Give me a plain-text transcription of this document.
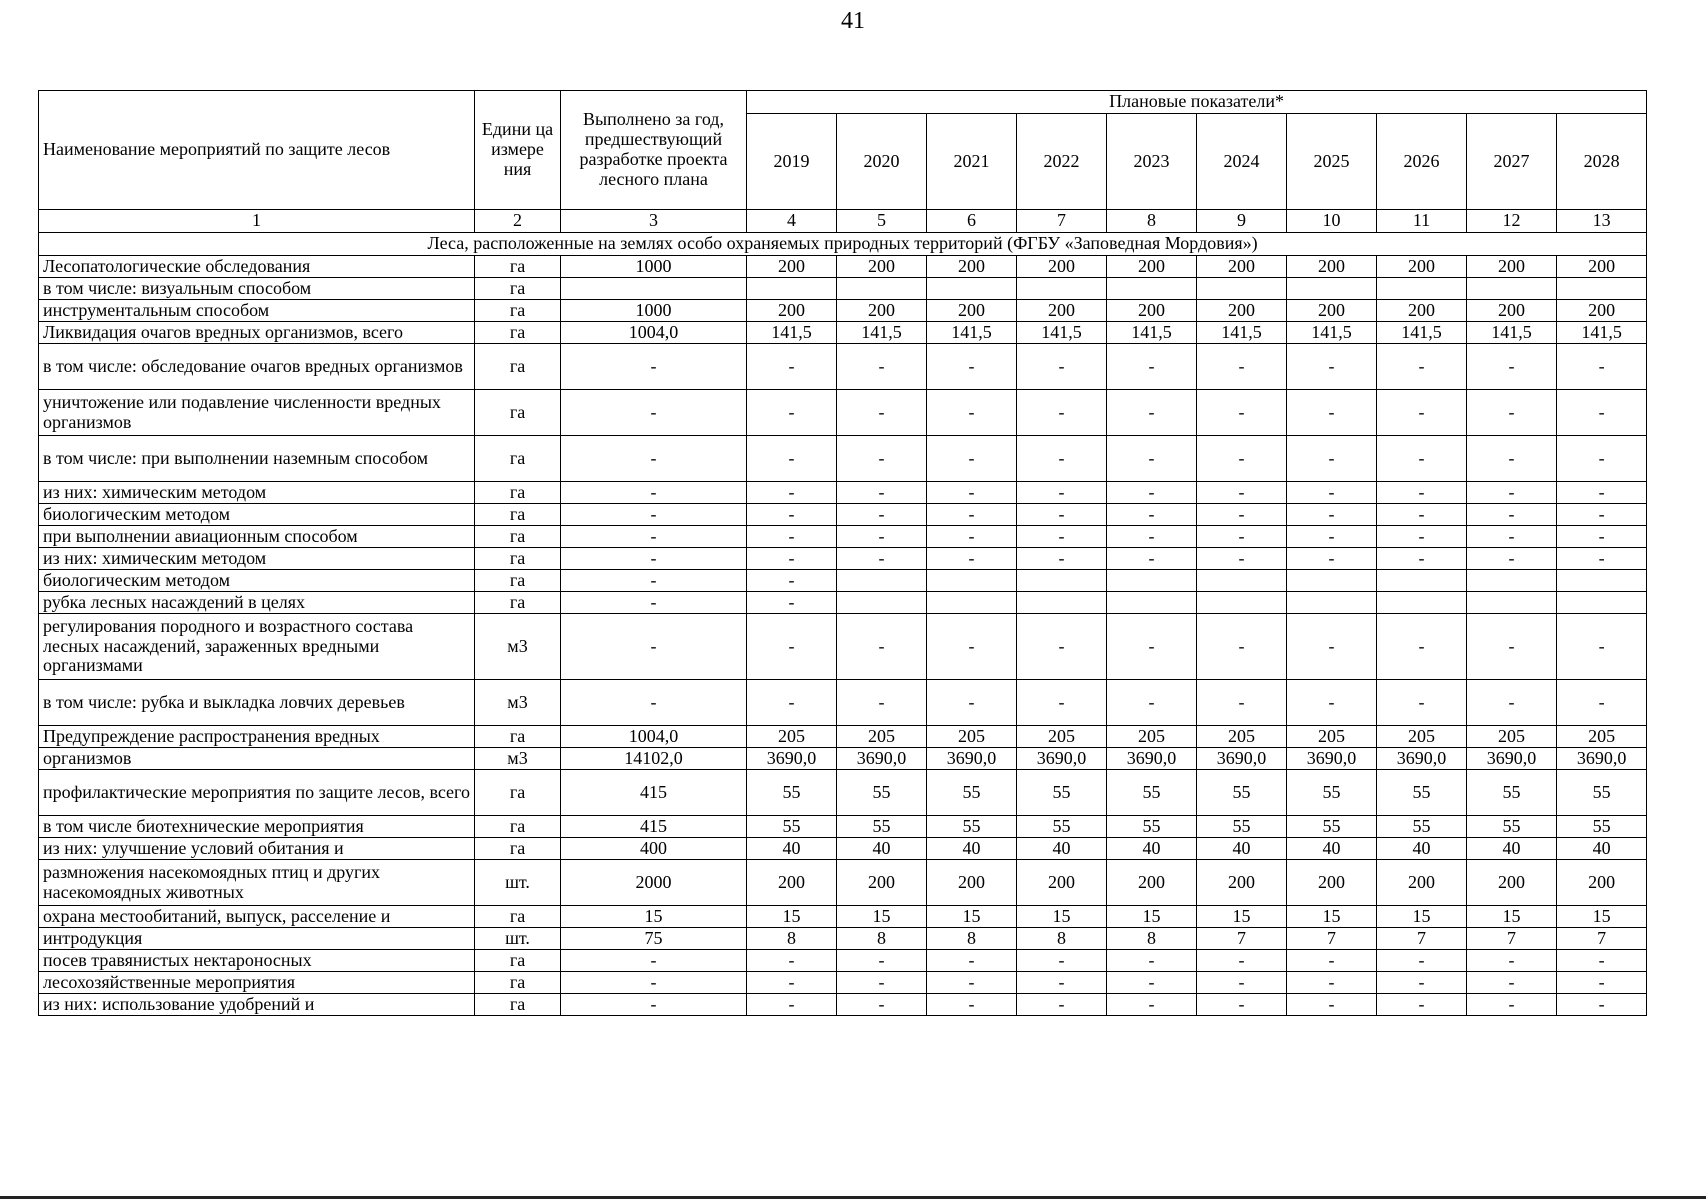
41
Наименование мероприятий по защите лесов	Едини ца измере ния	Выполнено за год, предшествующий разработке проекта лесного плана	Плановые показатели*									
			2019	2020	2021	2022	2023	2024	2025	2026	2027	2028
1	2	3	4	5	6	7	8	9	10	11	12	13
Леса, расположенные на землях особо охраняемых природных территорий (ФГБУ «Заповедная Мордовия»)												
Лесопатологические обследования	га	1000	200	200	200	200	200	200	200	200	200	200
в том числе: визуальным способом	га											
инструментальным способом	га	1000	200	200	200	200	200	200	200	200	200	200
Ликвидация очагов вредных организмов, всего	га	1004,0	141,5	141,5	141,5	141,5	141,5	141,5	141,5	141,5	141,5	141,5
в том числе: обследование очагов вредных организмов	га	-	-	-	-	-	-	-	-	-	-	-
уничтожение или подавление численности вредных организмов	га	-	-	-	-	-	-	-	-	-	-	-
в том числе: при выполнении наземным способом	га	-	-	-	-	-	-	-	-	-	-	-
из них: химическим методом	га	-	-	-	-	-	-	-	-	-	-	-
биологическим методом	га	-	-	-	-	-	-	-	-	-	-	-
при выполнении авиационным способом	га	-	-	-	-	-	-	-	-	-	-	-
из них: химическим методом	га	-	-	-	-	-	-	-	-	-	-	-
биологическим методом	га	-	-									
рубка лесных насаждений в целях	га	-	-									
регулирования породного и возрастного состава лесных насаждений, зараженных вредными организмами	м3	-	-	-	-	-	-	-	-	-	-	-
в том числе: рубка и выкладка ловчих деревьев	м3	-	-	-	-	-	-	-	-	-	-	-
Предупреждение распространения вредных	га	1004,0	205	205	205	205	205	205	205	205	205	205
организмов	м3	14102,0	3690,0	3690,0	3690,0	3690,0	3690,0	3690,0	3690,0	3690,0	3690,0	3690,0
профилактические мероприятия по защите лесов, всего	га	415	55	55	55	55	55	55	55	55	55	55
в том числе биотехнические мероприятия	га	415	55	55	55	55	55	55	55	55	55	55
из них: улучшение условий обитания и	га	400	40	40	40	40	40	40	40	40	40	40
размножения насекомоядных птиц и других насекомоядных животных	шт.	2000	200	200	200	200	200	200	200	200	200	200
охрана местообитаний, выпуск, расселение и	га	15	15	15	15	15	15	15	15	15	15	15
интродукция	шт.	75	8	8	8	8	8	7	7	7	7	7
посев травянистых нектароносных	га	-	-	-	-	-	-	-	-	-	-	-
лесохозяйственные мероприятия	га	-	-	-	-	-	-	-	-	-	-	-
из них: использование удобрений и	га	-	-	-	-	-	-	-	-	-	-	-
